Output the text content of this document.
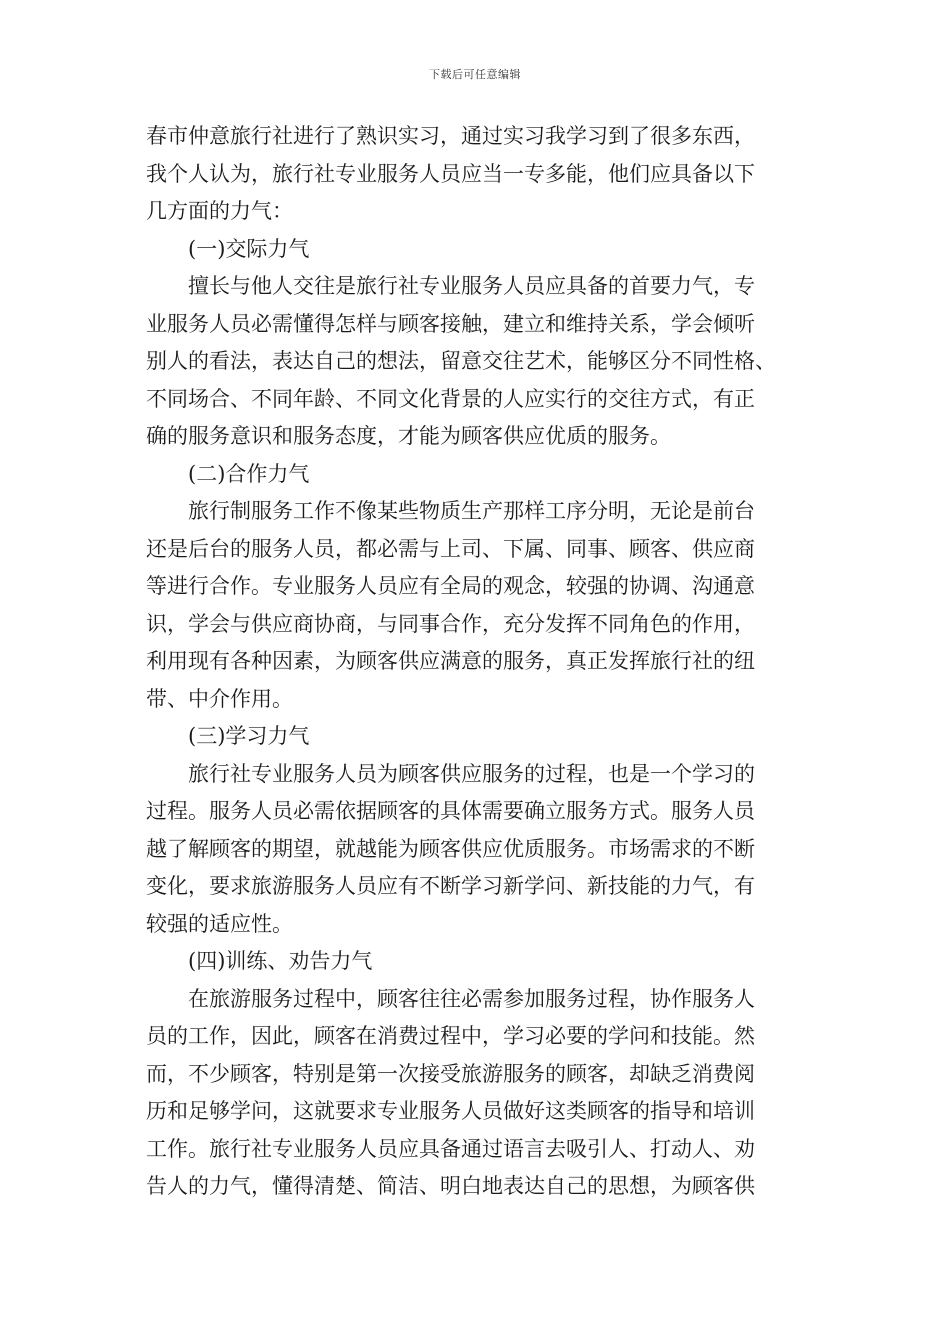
下载后可任意编辑
春市仲意旅行社进行了熟识实习，通过实习我学习到了很多东西，
我个人认为，旅行社专业服务人员应当一专多能，他们应具备以下
几方面的力气：
(一)交际力气
擅长与他人交往是旅行社专业服务人员应具备的首要力气，专
业服务人员必需懂得怎样与顾客接触，建立和维持关系，学会倾听
别人的看法，表达自己的想法，留意交往艺术，能够区分不同性格、
不同场合、不同年龄、不同文化背景的人应实行的交往方式，有正
确的服务意识和服务态度，才能为顾客供应优质的服务。
(二)合作力气
旅行制服务工作不像某些物质生产那样工序分明，无论是前台
还是后台的服务人员，都必需与上司、下属、同事、顾客、供应商
等进行合作。专业服务人员应有全局的观念，较强的协调、沟通意
识，学会与供应商协商，与同事合作，充分发挥不同角色的作用，
利用现有各种因素，为顾客供应满意的服务，真正发挥旅行社的纽
带、中介作用。
(三)学习力气
旅行社专业服务人员为顾客供应服务的过程，也是一个学习的
过程。服务人员必需依据顾客的具体需要确立服务方式。服务人员
越了解顾客的期望，就越能为顾客供应优质服务。市场需求的不断
变化，要求旅游服务人员应有不断学习新学问、新技能的力气，有
较强的适应性。
(四)训练、劝告力气
在旅游服务过程中，顾客往往必需参加服务过程，协作服务人
员的工作，因此，顾客在消费过程中，学习必要的学问和技能。然
而，不少顾客，特别是第一次接受旅游服务的顾客，却缺乏消费阅
历和足够学问，这就要求专业服务人员做好这类顾客的指导和培训
工作。旅行社专业服务人员应具备通过语言去吸引人、打动人、劝
告人的力气，懂得清楚、简洁、明白地表达自己的思想，为顾客供
